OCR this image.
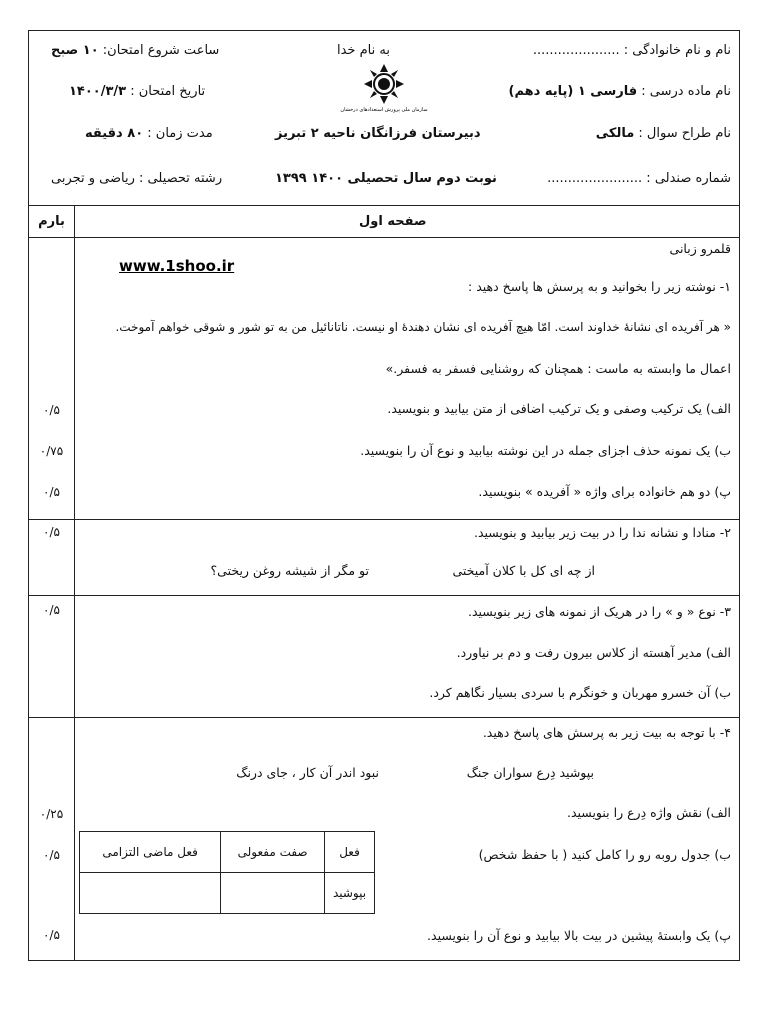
نام و نام خانوادگی : .....................
نام ماده درسی : فارسی ۱ (پایه دهم)
نام طراح سوال : مالکی
شماره صندلی : .......................
به نام خدا
سازمان ملی پرورش استعدادهای درخشان
دبیرستان فرزانگان ناحیه ۲ تبریز
نوبت دوم سال تحصیلی ۱۴۰۰ ۱۳۹۹
ساعت شروع امتحان: ۱۰ صبح
تاریخ امتحان : ۱۴۰۰/۳/۳
مدت زمان : ۸۰ دقیقه
رشته تحصیلی : ریاضی و تجربی
صفحه اول
بارم
قلمرو زبانی
www.1shoo.ir
۱- نوشته زیر را بخوانید و به پرسش ها پاسخ دهید :
« هر آفریده ای نشانهٔ خداوند است. امّا هیچ آفریده ای نشان دهندهٔ او نیست. ناتانائیل من به تو شور و شوقی خواهم آموخت.
اعمال ما وابسته به ماست : همچنان که روشنایی فسفر به فسفر.»
الف) یک ترکیب وصفی و یک ترکیب اضافی از متن بیابید و بنویسید.
ب) یک نمونه حذف اجزای جمله در این نوشته بیابید و نوع آن را بنویسید.
پ) دو هم خانواده برای واژه « آفریده » بنویسید.
۰/۵
۰/۷۵
۰/۵
۲- منادا و نشانه ندا را در بیت زیر بیابید و بنویسید.
از چه ای کل با کلان آمیختی
تو مگر از شیشه روغن ریختی؟
۰/۵
۳- نوع « و » را در هریک از نمونه های زیر بنویسید.
الف) مدیر آهسته از کلاس بیرون رفت و دم بر نیاورد.
ب) آن خسرو مهربان و خونگرم با سردی بسیار نگاهم کرد.
۰/۵
۴- با توجه به بیت زیر به پرسش های پاسخ دهید.
بپوشید دِرع سواران جنگ
نبود اندر آن کار ، جای درنگ
الف) نقش واژه دِرع را بنویسید.
ب) جدول روبه رو را کامل کنید ( با حفظ شخص)
فعل	صفت مفعولی	فعل ماضی التزامی
بپوشید		
پ) یک وابستهٔ پیشین در بیت بالا بیابید و نوع آن را بنویسید.
۰/۲۵
۰/۵
۰/۵
